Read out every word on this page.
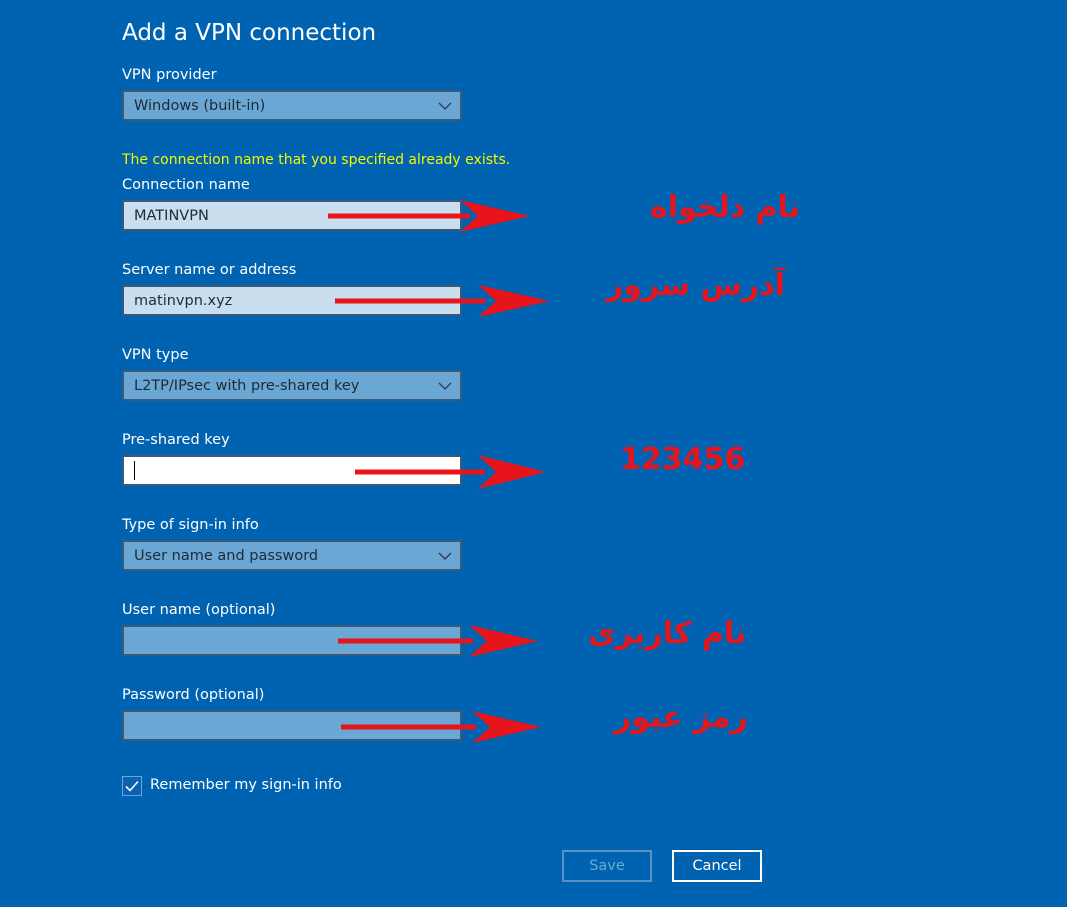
Add a VPN connection
VPN provider
Windows (built-in)
The connection name that you specified already exists.
Connection name
MATINVPN
Server name or address
matinvpn.xyz
VPN type
L2TP/IPsec with pre-shared key
Pre-shared key
Type of sign-in info
User name and password
User name (optional)
Password (optional)
Remember my sign-in info
Save	Cancel
نام دلخواه
آدرس سرور
123456
نام کاربری
رمز عبور
